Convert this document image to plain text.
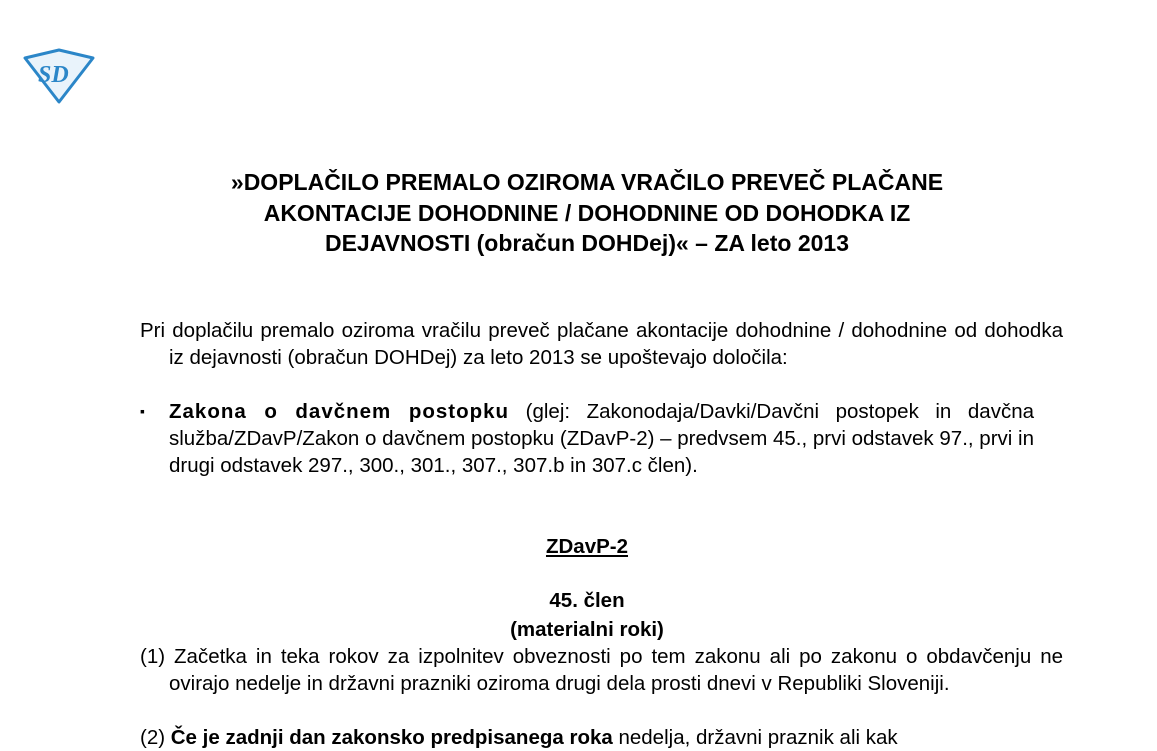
SD
»DOPLAČILO PREMALO OZIROMA VRAČILO PREVEČ PLAČANE
AKONTACIJE DOHODNINE / DOHODNINE OD DOHODKA IZ
DEJAVNOSTI (obračun DOHDej)« – ZA leto 2013
Pri doplačilu premalo oziroma vračilu preveč plačane akontacije dohodnine / dohodnine od dohodka iz dejavnosti (obračun DOHDej) za leto 2013 se upoštevajo določila:
▪ Zakona o davčnem postopku (glej: Zakonodaja/Davki/Davčni postopek in davčna služba/ZDavP/Zakon o davčnem postopku (ZDavP-2) – predvsem 45., prvi odstavek 97., prvi in drugi odstavek 297., 300., 301., 307., 307.b in 307.c člen).
ZDavP-2
45. člen
(materialni roki)
(1) Začetka in teka rokov za izpolnitev obveznosti po tem zakonu ali po zakonu o obdavčenju ne ovirajo nedelje in državni prazniki oziroma drugi dela prosti dnevi v Republiki Sloveniji.
(2) Če je zadnji dan zakonsko predpisanega roka nedelja, državni praznik ali kak
